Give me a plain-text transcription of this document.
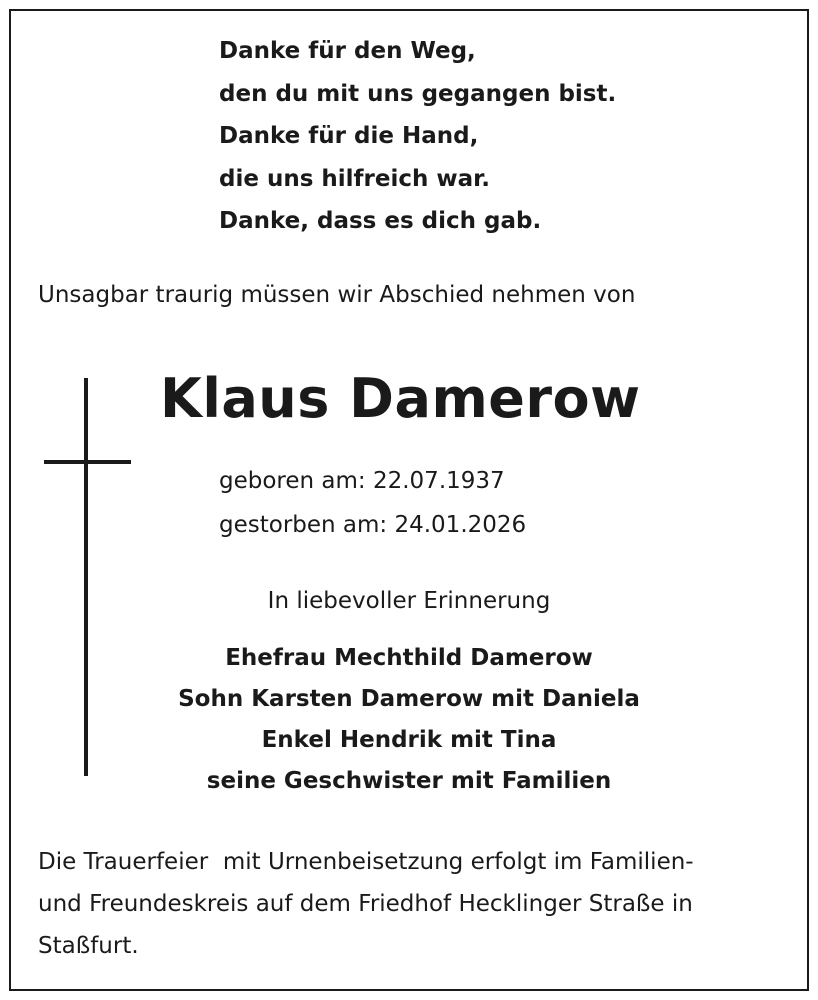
Danke für den Weg,
den du mit uns gegangen bist.
Danke für die Hand,
die uns hilfreich war.
Danke, dass es dich gab.
Unsagbar traurig müssen wir Abschied nehmen von
Klaus Damerow
geboren am: 22.07.1937
gestorben am: 24.01.2026
In liebevoller Erinnerung
Ehefrau Mechthild Damerow
Sohn Karsten Damerow mit Daniela
Enkel Hendrik mit Tina
seine Geschwister mit Familien
Die Trauerfeier  mit Urnenbeisetzung erfolgt im Familien-
und Freundeskreis auf dem Friedhof Hecklinger Straße in
Staßfurt.
